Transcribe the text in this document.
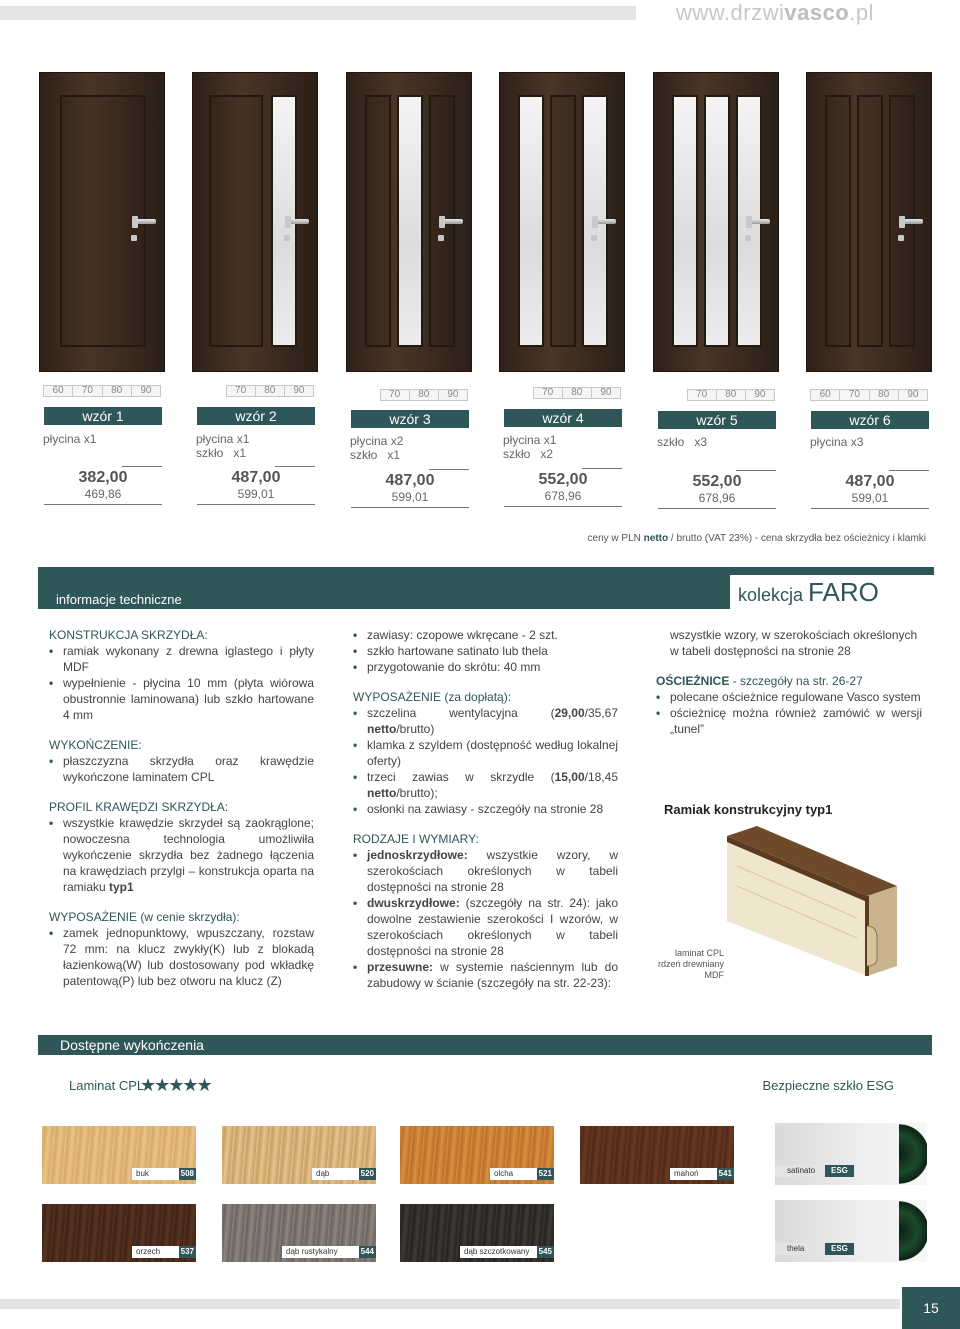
www.drzwivasco.pl
60	70	80	90
wzór 1
płycina x1
382,00
469,86
70	80	90
wzór 2
płycina x1
szkło   x1
487,00
599,01
70	80	90
wzór 3
płycina x2
szkło   x1
487,00
599,01
70	80	90
wzór 4
płycina x1
szkło   x2
552,00
678,96
70	80	90
wzór 5
szkło   x3
552,00
678,96
60	70	80	90
wzór 6
płycina x3
487,00
599,01
ceny w PLN netto / brutto (VAT 23%) - cena skrzydła bez ościeżnicy i klamki
informacje techniczne	kolekcja FARO
KONSTRUKCJA SKRZYDŁA:
• ramiak wykonany z drewna iglastego i płyty MDF
• wypełnienie - płycina 10 mm (płyta wiórowa obustronnie laminowana) lub szkło hartowane 4 mm
WYKOŃCZENIE:
• płaszczyzna skrzydła oraz krawędzie wykończone laminatem CPL
PROFIL KRAWĘDZI SKRZYDŁA:
• wszystkie krawędzie skrzydeł są zaokrąglone; nowoczesna technologia umożliwiła wykończenie skrzydła bez żadnego łączenia na krawędziach przylgi – konstrukcja oparta na ramiaku typ1
WYPOSAŻENIE (w cenie skrzydła):
• zamek jednopunktowy, wpuszczany, rozstaw 72 mm: na klucz zwykły(K) lub z blokadą łazienkową(W) lub dostosowany pod wkładkę patentową(P) lub bez otworu na klucz (Z)
• zawiasy: czopowe wkręcane - 2 szt.
• szkło hartowane satinato lub thela
• przygotowanie do skrótu: 40 mm
WYPOSAŻENIE (za dopłatą):
• szczelina wentylacyjna (29,00/35,67 netto/brutto)
• klamka z szyldem (dostępność według lokalnej oferty)
• trzeci zawias w skrzydle (15,00/18,45 netto/brutto);
• osłonki na zawiasy - szczegóły na stronie 28
RODZAJE I WYMIARY:
• jednoskrzydłowe: wszystkie wzory, w szerokościach określonych w tabeli dostępności na stronie 28
• dwuskrzydłowe: (szczegóły na str. 24): jako dowolne zestawienie szerokości I wzorów, w szerokościach określonych w tabeli dostępności na stronie 28
• przesuwne: w systemie naściennym lub do zabudowy w ścianie (szczegóły na str. 22-23):

wszystkie wzory, w szerokościach określonych w tabeli dostępności na stronie 28

OŚCIEŻNICE - szczegóły na str. 26-27
• polecane ościeżnice regulowane Vasco system
• ościeżnicę można również zamówić w wersji „tunel”
Ramiak konstrukcyjny typ1
laminat CPL
rdzeń drewniany
MDF
Dostępne wykończenia
Laminat CPL
★★★★★	Bezpieczne szkło ESG
buk	508	dąb	520	olcha	521	mahoń	541
orzech	537	dąb rustykalny	544	dąb szczotkowany	545
satinato	ESG
thela	ESG
15
